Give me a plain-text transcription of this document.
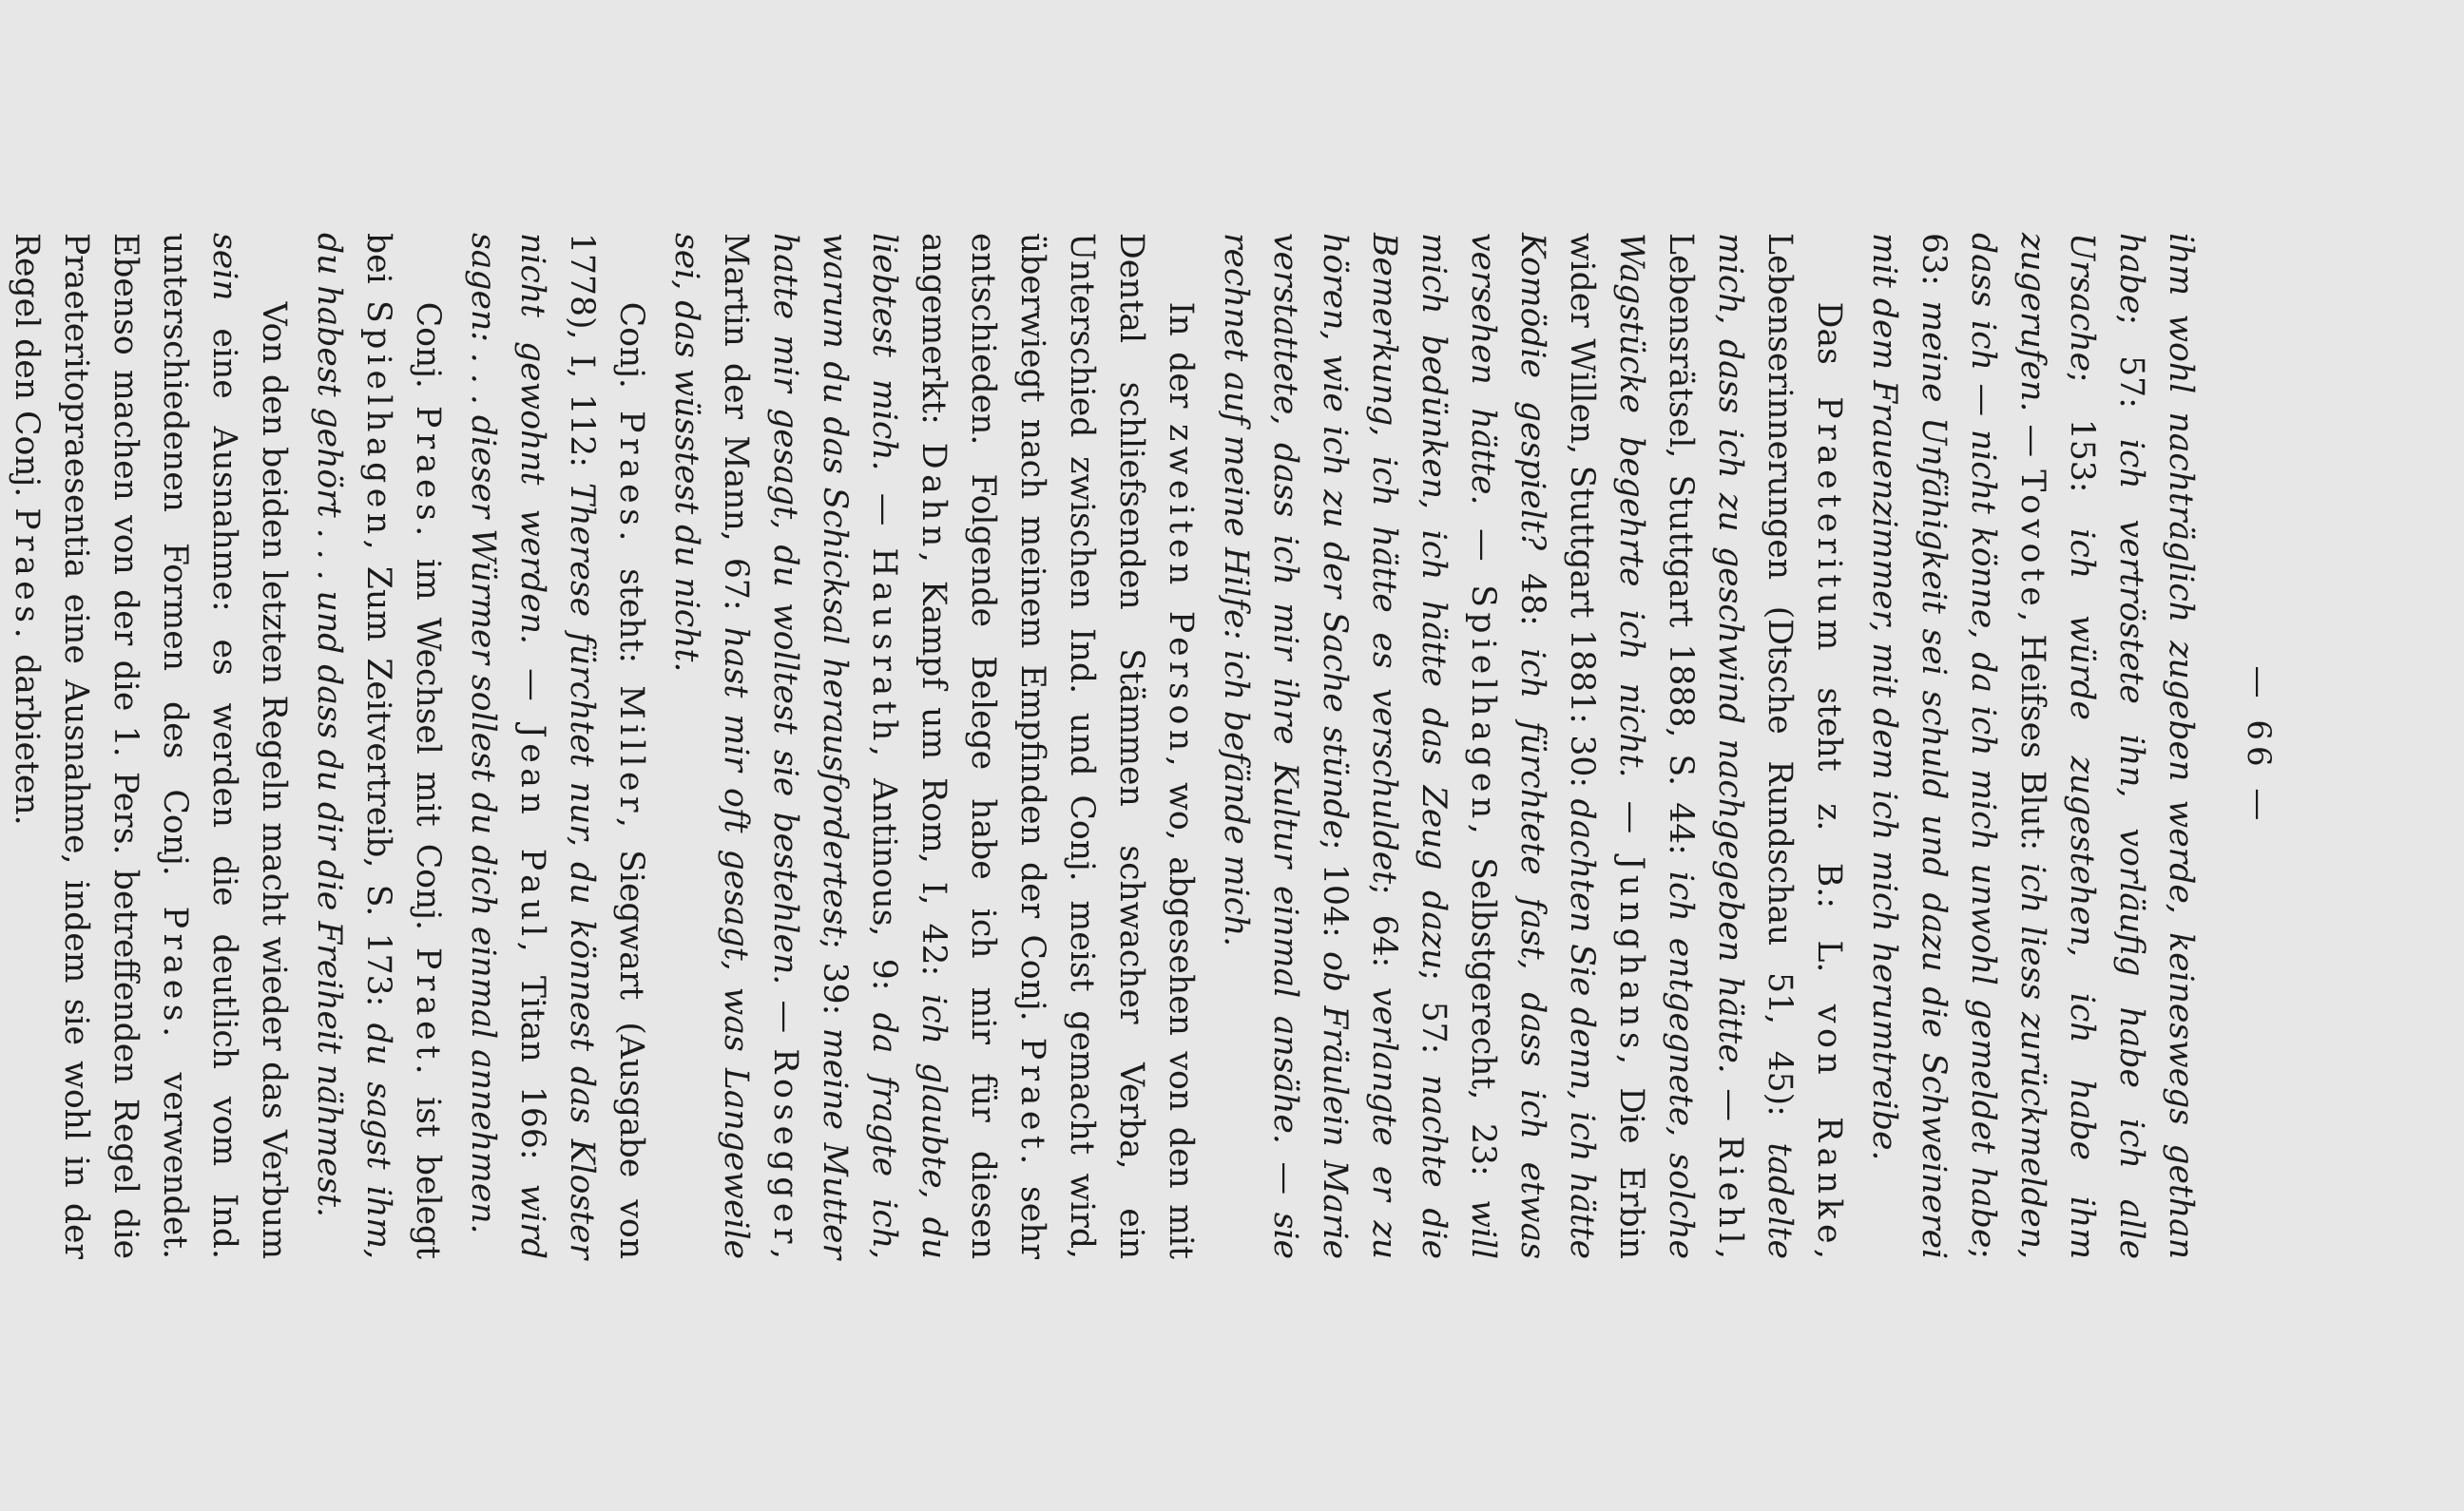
— 66 —

ihm wohl nachträglich zugeben werde, keineswegs gethan habe; 57: ich vertröstete ihn, vorläufig habe ich alle Ursache; 153: ich würde zugestehen, ich habe ihm zugerufen. — Tovote, Heifses Blut: ich liess zurückmelden, dass ich — nicht könne, da ich mich unwohl gemeldet habe; 63: meine Unfähigkeit sei schuld und dazu die Schweinerei mit dem Frauenzimmer, mit dem ich mich herumtreibe.

Das Praeteritum steht z. B.: L. von Ranke, Lebenserinnerungen (Dtsche Rundschau 51, 45): tadelte mich, dass ich zu geschwind nachgegeben hätte. — Riehl, Lebensrätsel, Stuttgart 1888, S. 44: ich entgegnete, solche Wagstücke begehrte ich nicht. — Junghans, Die Erbin wider Willen, Stuttgart 1881: 30: dachten Sie denn, ich hätte Komödie gespielt? 48: ich fürchtete fast, dass ich etwas versehen hätte. — Spielhagen, Selbstgerecht, 23: will mich bedünken, ich hätte das Zeug dazu; 57: nachte die Bemerkung, ich hätte es verschuldet; 64: verlangte er zu hören, wie ich zu der Sache stünde; 104: ob Fräulein Marie verstattete, dass ich mir ihre Kultur einmal ansähe. — sie rechnet auf meine Hilfe: ich befände mich.

In der zweiten Person, wo, abgesehen von den mit Dental schliefsenden Stämmen schwacher Verba, ein Unterschied zwischen Ind. und Conj. meist gemacht wird, überwiegt nach meinem Empfinden der Conj. Praet. sehr entschieden. Folgende Belege habe ich mir für diesen angemerkt: Dahn, Kampf um Rom, I, 42: ich glaubte, du liebtest mich. — Hausrath, Antinous, 9: da fragte ich, warum du das Schicksal herausfordertest; 39: meine Mutter hatte mir gesagt, du wolltest sie bestehlen. — Rosegger, Martin der Mann, 67: hast mir oft gesagt, was Langeweile sei, das wüsstest du nicht.

Conj. Praes. steht: Miller, Siegwart (Ausgabe von 1778), I, 112: Therese fürchtet nur, du könnest das Kloster nicht gewohnt werden. — Jean Paul, Titan 166: wird sagen: . . . dieser Würmer sollest du dich einmal annehmen.

Conj. Praes. im Wechsel mit Conj. Praet. ist belegt bei Spielhagen, Zum Zeitvertreib, S. 173: du sagst ihm, du habest gehört . . . und dass du dir die Freiheit nähmest.

Von den beiden letzten Regeln macht wieder das Verbum sein eine Ausnahme: es werden die deutlich vom Ind. unterschiedenen Formen des Conj. Praes. verwendet. Ebenso machen von der die 1. Pers. betreffenden Regel die Praeteritopraesentia eine Ausnahme, indem sie wohl in der Regel den Conj. Praes. darbieten.
